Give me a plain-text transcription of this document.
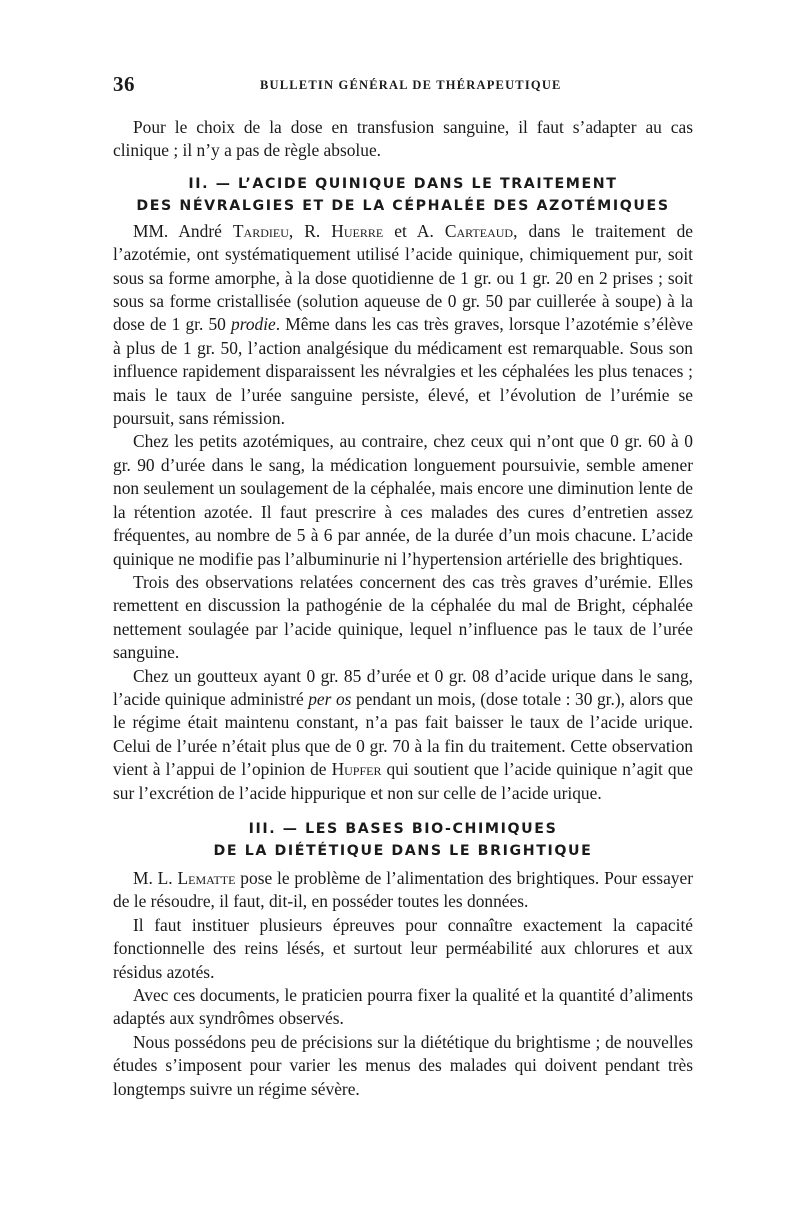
36	BULLETIN GÉNÉRAL DE THÉRAPEUTIQUE

Pour le choix de la dose en transfusion sanguine, il faut s’adapter au cas clinique ; il n’y a pas de règle absolue.

II. — L’ACIDE QUINIQUE DANS LE TRAITEMENT
DES NÉVRALGIES ET DE LA CÉPHALÉE DES AZOTÉMIQUES

MM. André Tardieu, R. Huerre et A. Carteaud, dans le traitement de l’azotémie, ont systématiquement utilisé l’acide quinique, chimiquement pur, soit sous sa forme amorphe, à la dose quotidienne de 1 gr. ou 1 gr. 20 en 2 prises ; soit sous sa forme cristallisée (solution aqueuse de 0 gr. 50 par cuillerée à soupe) à la dose de 1 gr. 50 prodie. Même dans les cas très graves, lorsque l’azotémie s’élève à plus de 1 gr. 50, l’action analgésique du médicament est remarquable. Sous son influence rapidement disparaissent les névralgies et les céphalées les plus tenaces ; mais le taux de l’urée sanguine persiste, élevé, et l’évolution de l’urémie se poursuit, sans rémission.

Chez les petits azotémiques, au contraire, chez ceux qui n’ont que 0 gr. 60 à 0 gr. 90 d’urée dans le sang, la médication longuement poursuivie, semble amener non seulement un soulagement de la céphalée, mais encore une diminution lente de la rétention azotée. Il faut prescrire à ces malades des cures d’entretien assez fréquentes, au nombre de 5 à 6 par année, de la durée d’un mois chacune. L’acide quinique ne modifie pas l’albuminurie ni l’hypertension artérielle des brightiques.

Trois des observations relatées concernent des cas très graves d’urémie. Elles remettent en discussion la pathogénie de la céphalée du mal de Bright, céphalée nettement soulagée par l’acide quinique, lequel n’influence pas le taux de l’urée sanguine.

Chez un goutteux ayant 0 gr. 85 d’urée et 0 gr. 08 d’acide urique dans le sang, l’acide quinique administré per os pendant un mois, (dose totale : 30 gr.), alors que le régime était maintenu constant, n’a pas fait baisser le taux de l’acide urique. Celui de l’urée n’était plus que de 0 gr. 70 à la fin du traitement. Cette observation vient à l’appui de l’opinion de Hupfer qui soutient que l’acide quinique n’agit que sur l’excrétion de l’acide hippurique et non sur celle de l’acide urique.

III. — LES BASES BIO-CHIMIQUES
DE LA DIÉTÉTIQUE DANS LE BRIGHTIQUE

M. L. Lematte pose le problème de l’alimentation des brightiques. Pour essayer de le résoudre, il faut, dit-il, en posséder toutes les données.

Il faut instituer plusieurs épreuves pour connaître exactement la capacité fonctionnelle des reins lésés, et surtout leur perméabilité aux chlorures et aux résidus azotés.

Avec ces documents, le praticien pourra fixer la qualité et la quantité d’aliments adaptés aux syndrômes observés.

Nous possédons peu de précisions sur la diététique du brightisme ; de nouvelles études s’imposent pour varier les menus des malades qui doivent pendant très longtemps suivre un régime sévère.
